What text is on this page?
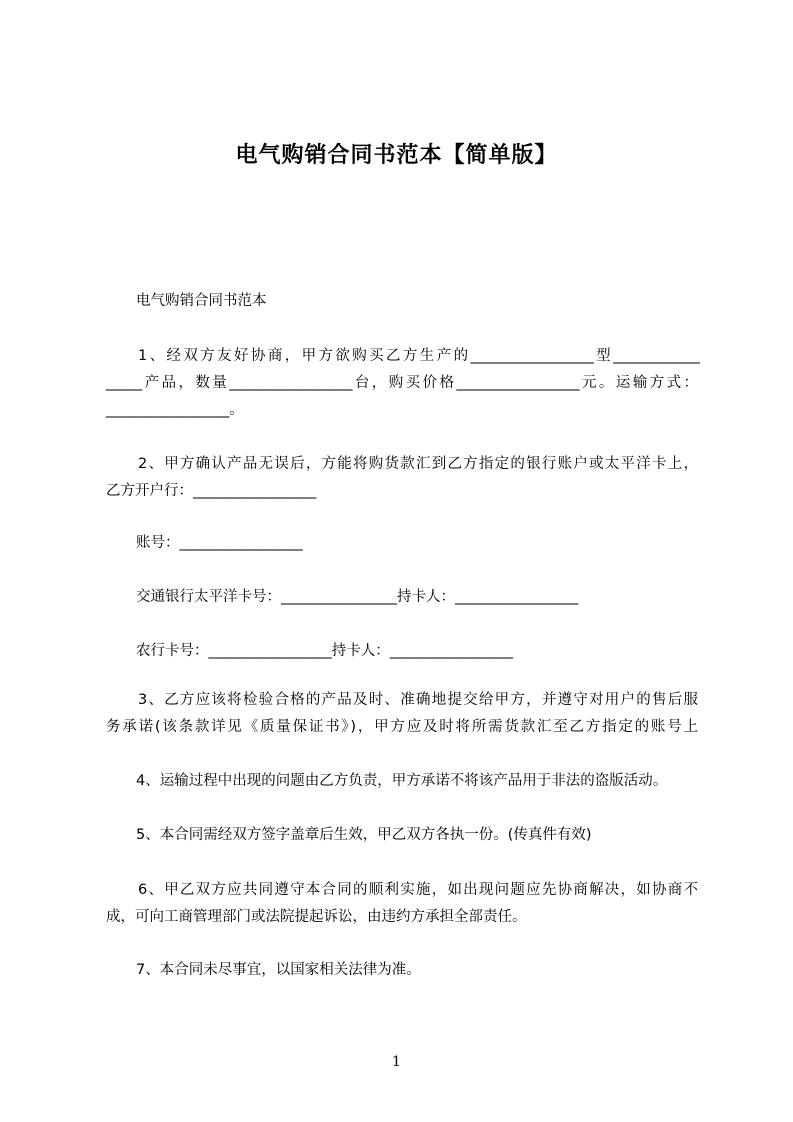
电气购销合同书范本【简单版】
电气购销合同书范本
1、经双方友好协商，甲方欲购买乙方生产的_________________型____________
_____产品，数量_________________台，购买价格_________________元。运输方式：
_________________。
2、甲方确认产品无误后，方能将购货款汇到乙方指定的银行账户或太平洋卡上，
乙方开户行：_________________
账号：_________________
交通银行太平洋卡号：________________持卡人：_________________
农行卡号：_________________持卡人：_________________
3、乙方应该将检验合格的产品及时、准确地提交给甲方，并遵守对用户的售后服
务承诺(该条款详见《质量保证书》)，甲方应及时将所需货款汇至乙方指定的账号上
4、运输过程中出现的问题由乙方负责，甲方承诺不将该产品用于非法的盗版活动。
5、本合同需经双方签字盖章后生效，甲乙双方各执一份。(传真件有效)
6、甲乙双方应共同遵守本合同的顺利实施，如出现问题应先协商解决，如协商不
成，可向工商管理部门或法院提起诉讼，由违约方承担全部责任。
7、本合同未尽事宜，以国家相关法律为准。
1
